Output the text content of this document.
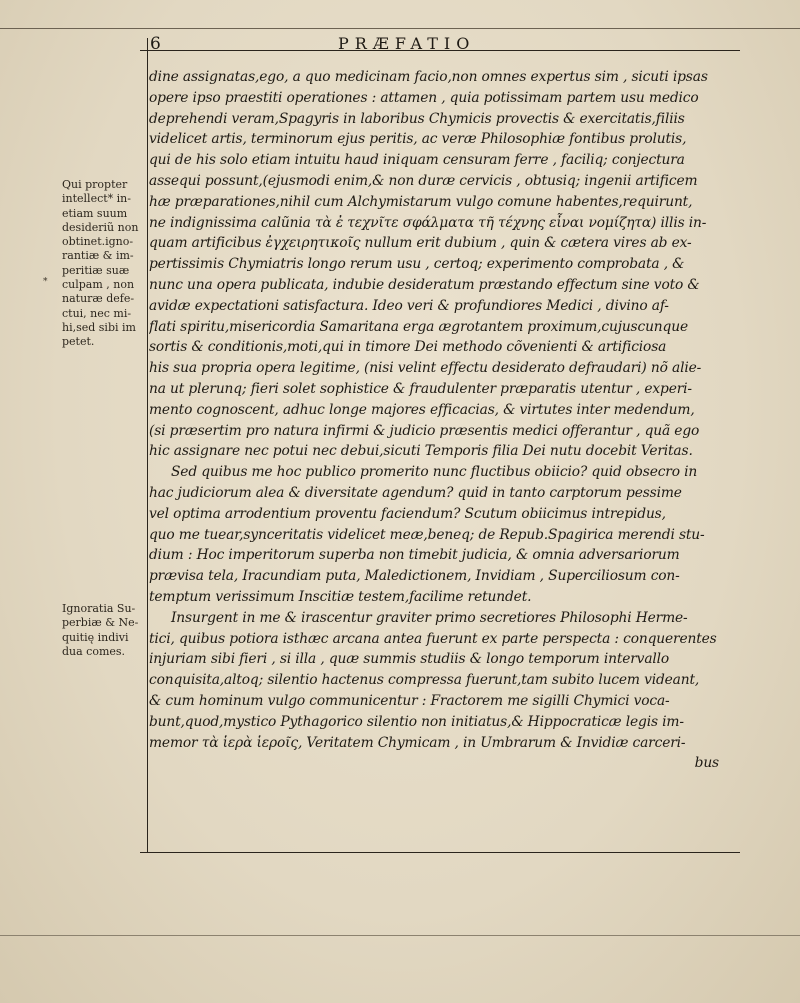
6	PRÆFATIO
*
Qui propter
intellect* in-
etiam suum
desideriũ non
obtinet.igno-
rantiæ & im-
peritiæ suæ
culpam , non
naturæ defe-
ctui, nec mi-
hi,sed sibi im
petet.
Ignoratia Su-
perbiæ & Ne-
quitię indivi
dua comes.
dine assignatas,ego, a quo medicinam facio,non omnes expertus sim , sicuti ipsas
opere ipso praestiti operationes : attamen , quia potissimam partem usu medico
deprehendi veram,Spagyris in laboribus Chymicis provectis & exercitatis,filiis
videlicet artis, terminorum ejus peritis, ac veræ Philosophiæ fontibus prolutis,
qui de his solo etiam intuitu haud iniquam censuram ferre , faciliq; conjectura
assequi possunt,(ejusmodi enim,& non duræ cervicis , obtusiq; ingenii artificem
hæ præparationes,nihil cum Alchymistarum vulgo comune habentes,requirunt,
ne indignissima calũnia τὰ ἐ τεχνῖτε σφάλματα τῆ τέχνης εἶναι νομίζητα) illis in-
quam artificibus ἐγχειρητικοῖς nullum erit dubium , quin & cætera vires ab ex-
pertissimis Chymiatris longo rerum usu , certoq; experimento comprobata , &
nunc una opera publicata, indubie desideratum præstando effectum sine voto &
avidæ expectationi satisfactura. Ideo veri & profundiores Medici , divino af-
flati spiritu,misericordia Samaritana erga ægrotantem proximum,cujuscunque
sortis & conditionis,moti,qui in timore Dei methodo cõvenienti & artificiosa
his sua propria opera legitime, (nisi velint effectu desiderato defraudari) nõ alie-
na ut plerunq; fieri solet sophistice & fraudulenter præparatis utentur , experi-
mento cognoscent, adhuc longe majores efficacias, & virtutes inter medendum,
(si præsertim pro natura infirmi & judicio præsentis medici offerantur , quã ego
hic assignare nec potui nec debui,sicuti Temporis filia Dei nutu docebit Veritas.
Sed quibus me hoc publico promerito nunc fluctibus obiicio? quid obsecro in
hac judiciorum alea & diversitate agendum? quid in tanto carptorum pessime
vel optima arrodentium proventu faciendum? Scutum obiicimus intrepidus,
quo me tuear,synceritatis videlicet meæ,beneq; de Repub.Spagirica merendi stu-
dium : Hoc imperitorum superba non timebit judicia, & omnia adversariorum
prævisa tela, Iracundiam puta, Maledictionem, Invidiam , Superciliosum con-
temptum verissimum Inscitiæ testem,facilime retundet.
Insurgent in me & irascentur graviter primo secretiores Philosophi Herme-
tici, quibus potiora isthæc arcana antea fuerunt ex parte perspecta : conquerentes
injuriam sibi fieri , si illa , quæ summis studiis & longo temporum intervallo
conquisita,altoq; silentio hactenus compressa fuerunt,tam subito lucem videant,
& cum hominum vulgo communicentur : Fractorem me sigilli Chymici voca-
bunt,quod,mystico Pythagorico silentio non initiatus,& Hippocraticæ legis im-
memor τὰ ἱερὰ ἱεροῖς, Veritatem Chymicam , in Umbrarum & Invidiæ carceri-
bus
